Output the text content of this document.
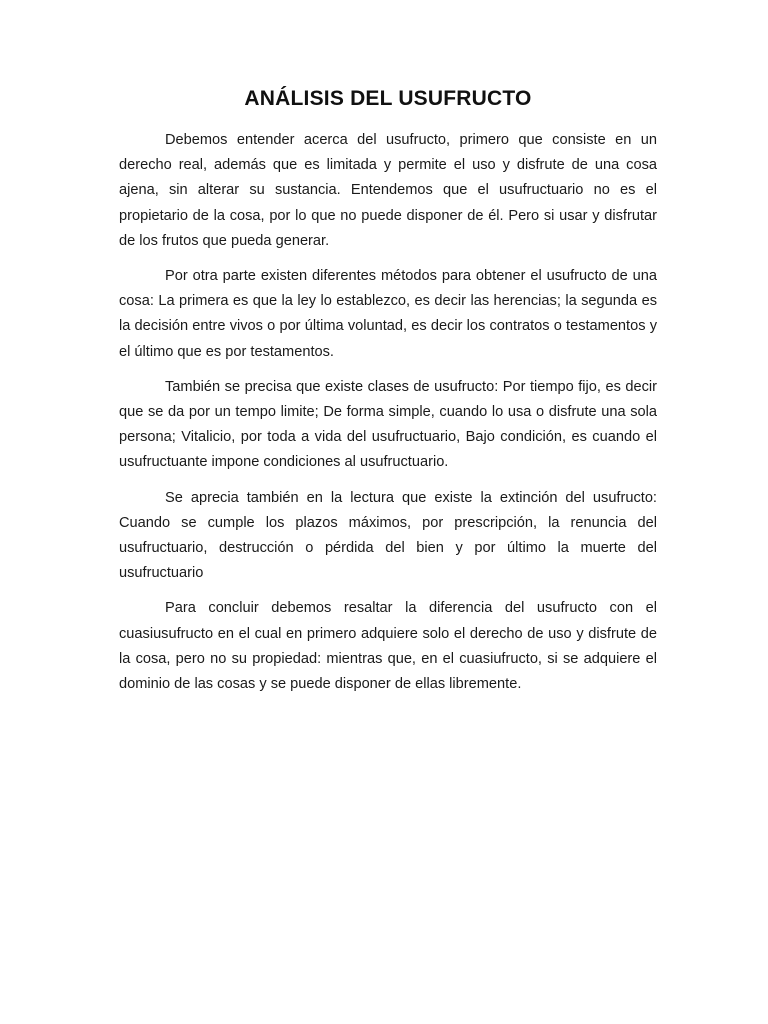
ANÁLISIS DEL USUFRUCTO

Debemos entender acerca del usufructo, primero que consiste en un derecho real, además que es limitada y permite el uso y disfrute de una cosa ajena, sin alterar su sustancia. Entendemos que el usufructuario no es el propietario de la cosa, por lo que no puede disponer de él. Pero si usar y disfrutar de los frutos que pueda generar.

Por otra parte existen diferentes métodos para obtener el usufructo de una cosa: La primera es que la ley lo establezco, es decir las herencias; la segunda es la decisión entre vivos o por última voluntad, es decir los contratos o testamentos y el último que es por testamentos.

También se precisa que existe clases de usufructo: Por tiempo fijo, es decir que se da por un tempo limite; De forma simple, cuando lo usa o disfrute una sola persona; Vitalicio, por toda a vida del usufructuario, Bajo condición, es cuando el usufructuante impone condiciones al usufructuario.

Se aprecia también en la lectura que existe la extinción del usufructo: Cuando se cumple los plazos máximos, por prescripción, la renuncia del usufructuario, destrucción o pérdida del bien y por último la muerte del usufructuario

Para concluir debemos resaltar la diferencia del usufructo con el cuasiusufructo en el cual en primero adquiere solo el derecho de uso y disfrute de la cosa, pero no su propiedad: mientras que, en el cuasiufructo, si se adquiere el dominio de las cosas y se puede disponer de ellas libremente.
